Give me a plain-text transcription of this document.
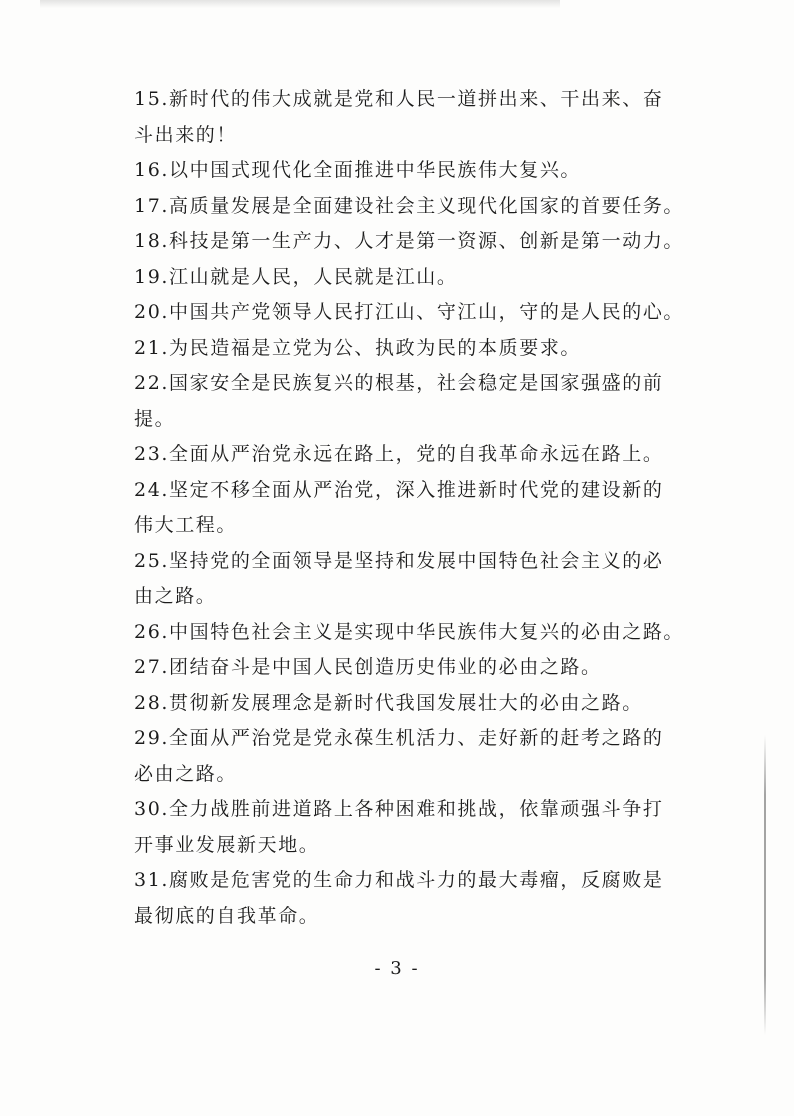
15.新时代的伟大成就是党和人民一道拼出来、干出来、奋
斗出来的！
16.以中国式现代化全面推进中华民族伟大复兴。
17.高质量发展是全面建设社会主义现代化国家的首要任务。
18.科技是第一生产力、人才是第一资源、创新是第一动力。
19.江山就是人民，人民就是江山。
20.中国共产党领导人民打江山、守江山，守的是人民的心。
21.为民造福是立党为公、执政为民的本质要求。
22.国家安全是民族复兴的根基，社会稳定是国家强盛的前
提。
23.全面从严治党永远在路上，党的自我革命永远在路上。
24.坚定不移全面从严治党，深入推进新时代党的建设新的
伟大工程。
25.坚持党的全面领导是坚持和发展中国特色社会主义的必
由之路。
26.中国特色社会主义是实现中华民族伟大复兴的必由之路。
27.团结奋斗是中国人民创造历史伟业的必由之路。
28.贯彻新发展理念是新时代我国发展壮大的必由之路。
29.全面从严治党是党永葆生机活力、走好新的赶考之路的
必由之路。
30.全力战胜前进道路上各种困难和挑战，依靠顽强斗争打
开事业发展新天地。
31.腐败是危害党的生命力和战斗力的最大毒瘤，反腐败是
最彻底的自我革命。
- 3 -
